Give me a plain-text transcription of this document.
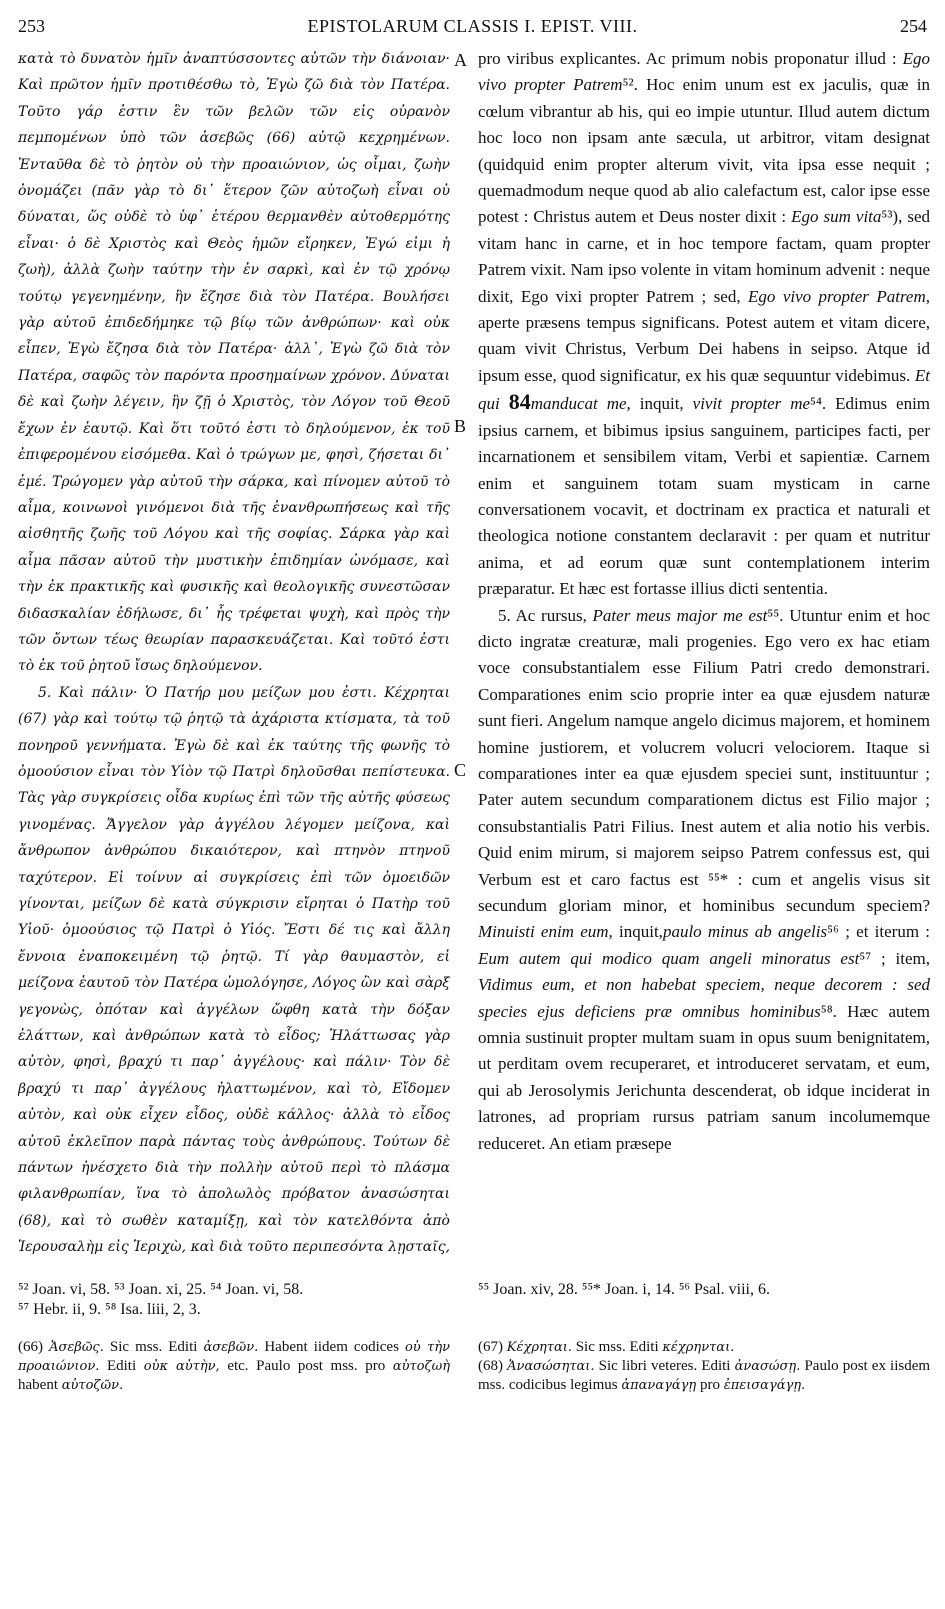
253	EPISTOLARUM CLASSIS I. EPIST. VIII.	254

κατὰ τὸ δυνατὸν ἡμῖν ἀναπτύσσοντες αὐτῶν τὴν διάνοιαν· Καὶ πρῶτον ἡμῖν προτιθέσθω τὸ, Ἐγὼ ζῶ διὰ τὸν Πατέρα. Τοῦτο γάρ ἐστιν ἓν τῶν βελῶν τῶν εἰς οὐρανὸν πεμπομένων ὑπὸ τῶν ἀσεβῶς (66) αὐτῷ κεχρημένων. Ἐνταῦθα δὲ τὸ ῥητὸν οὐ τὴν προαιώνιον, ὡς οἶμαι, ζωὴν ὀνομάζει (πᾶν γὰρ τὸ δι᾿ ἕτερον ζῶν αὐτοζωὴ εἶναι οὐ δύναται, ὥς οὐδὲ τὸ ὑφ᾿ ἑτέρου θερμανθὲν αὐτοθερμότης εἶναι· ὁ δὲ Χριστὸς καὶ Θεὸς ἡμῶν εἴρηκεν, Ἐγώ εἰμι ἡ ζωὴ), ἀλλὰ ζωὴν ταύτην τὴν ἐν σαρκὶ, καὶ ἐν τῷ χρόνῳ τούτῳ γεγενημένην, ἣν ἔζησε διὰ τὸν Πατέρα. Βουλήσει γὰρ αὐτοῦ ἐπιδεδήμηκε τῷ βίῳ τῶν ἀνθρώπων· καὶ οὐκ εἶπεν, Ἐγὼ ἔζησα διὰ τὸν Πατέρα· ἀλλ᾿, Ἐγὼ ζῶ διὰ τὸν Πατέρα, σαφῶς τὸν παρόντα προσημαίνων χρόνον. Δύναται δὲ καὶ ζωὴν λέγειν, ἣν ζῇ ὁ Χριστὸς, τὸν Λόγον τοῦ Θεοῦ ἔχων ἐν ἑαυτῷ. Καὶ ὅτι τοῦτό ἐστι τὸ δηλούμενον, ἐκ τοῦ ἐπιφερομένου εἰσόμεθα. Καὶ ὁ τρώγων με, φησὶ, ζήσεται δι᾿ ἐμέ. Τρώγομεν γὰρ αὐτοῦ τὴν σάρκα, καὶ πίνομεν αὐτοῦ τὸ αἷμα, κοινωνοὶ γινόμενοι διὰ τῆς ἐνανθρωπήσεως καὶ τῆς αἰσθητῆς ζωῆς τοῦ Λόγου καὶ τῆς σοφίας. Σάρκα γὰρ καὶ αἷμα πᾶσαν αὐτοῦ τὴν μυστικὴν ἐπιδημίαν ὠνόμασε, καὶ τὴν ἐκ πρακτικῆς καὶ φυσικῆς καὶ θεολογικῆς συνεστῶσαν διδασκαλίαν ἐδήλωσε, δι᾿ ἧς τρέφεται ψυχὴ, καὶ πρὸς τὴν τῶν ὄντων τέως θεωρίαν παρασκευάζεται. Καὶ τοῦτό ἐστι τὸ ἐκ τοῦ ῥητοῦ ἴσως δηλούμενον.

5. Καὶ πάλιν· Ὁ Πατήρ μου μείζων μου ἐστι. Κέχρηται (67) γὰρ καὶ τούτῳ τῷ ῥητῷ τὰ ἀχάριστα κτίσματα, τὰ τοῦ πονηροῦ γεννήματα. Ἐγὼ δὲ καὶ ἐκ ταύτης τῆς φωνῆς τὸ ὁμοούσιον εἶναι τὸν Υἱὸν τῷ Πατρὶ δηλοῦσθαι πεπίστευκα. Τὰς γὰρ συγκρίσεις οἶδα κυρίως ἐπὶ τῶν τῆς αὐτῆς φύσεως γινομένας. Ἄγγελον γὰρ ἀγγέλου λέγομεν μείζονα, καὶ ἄνθρωπον ἀνθρώπου δικαιότερον, καὶ πτηνὸν πτηνοῦ ταχύτερον. Εἰ τοίνυν αἱ συγκρίσεις ἐπὶ τῶν ὁμοειδῶν γίνονται, μείζων δὲ κατὰ σύγκρισιν εἴρηται ὁ Πατὴρ τοῦ Υἱοῦ· ὁμοούσιος τῷ Πατρὶ ὁ Υἱός. Ἔστι δέ τις καὶ ἄλλη ἔννοια ἐναποκειμένη τῷ ῥητῷ. Τί γὰρ θαυμαστὸν, εἰ μείζονα ἑαυτοῦ τὸν Πατέρα ὡμολόγησε, Λόγος ὢν καὶ σὰρξ γεγονὼς, ὁπόταν καὶ ἀγγέλων ὤφθη κατὰ τὴν δόξαν ἐλάττων, καὶ ἀνθρώπων κατὰ τὸ εἶδος; Ἠλάττωσας γὰρ αὐτὸν, φησὶ, βραχύ τι παρ᾿ ἀγγέλους· καὶ πάλιν· Τὸν δὲ βραχύ τι παρ᾿ ἀγγέλους ἠλαττωμένον, καὶ τὸ, Εἴδομεν αὐτὸν, καὶ οὐκ εἶχεν εἶδος, οὐδὲ κάλλος· ἀλλὰ τὸ εἶδος αὐτοῦ ἐκλεῖπον παρὰ πάντας τοὺς ἀνθρώπους. Τούτων δὲ πάντων ἠνέσχετο διὰ τὴν πολλὴν αὐτοῦ περὶ τὸ πλάσμα φιλανθρωπίαν, ἵνα τὸ ἀπολωλὸς πρόβατον ἀνασώσηται (68), καὶ τὸ σωθὲν καταμίξῃ, καὶ τὸν κατελθόντα ἀπὸ Ἱερουσαλὴμ εἰς Ἱεριχὼ, καὶ διὰ τοῦτο περιπεσόντα λῃσταῖς,

A
B
C

pro viribus explicantes. Ac primum nobis proponatur illud : Ego vivo propter Patrem⁵². Hoc enim unum est ex jaculis, quæ in cœlum vibrantur ab his, qui eo impie utuntur. Illud autem dictum hoc loco non ipsam ante sæcula, ut arbitror, vitam designat (quidquid enim propter alterum vivit, vita ipsa esse nequit ; quemadmodum neque quod ab alio calefactum est, calor ipse esse potest : Christus autem et Deus noster dixit : Ego sum vita⁵³), sed vitam hanc in carne, et in hoc tempore factam, quam propter Patrem vixit. Nam ipso volente in vitam hominum advenit : neque dixit, Ego vixi propter Patrem ; sed, Ego vivo propter Patrem, aperte præsens tempus significans. Potest autem et vitam dicere, quam vivit Christus, Verbum Dei habens in seipso. Atque id ipsum esse, quod significatur, ex his quæ sequuntur videbimus. Et qui 84manducat me, inquit, vivit propter me⁵⁴. Edimus enim ipsius carnem, et bibimus ipsius sanguinem, participes facti, per incarnationem et sensibilem vitam, Verbi et sapientiæ. Carnem enim et sanguinem totam suam mysticam in carne conversationem vocavit, et doctrinam ex practica et naturali et theologica notione constantem declaravit : per quam et nutritur anima, et ad eorum quæ sunt contemplationem interim præparatur. Et hæc est fortasse illius dicti sententia.

5. Ac rursus, Pater meus major me est⁵⁵. Utuntur enim et hoc dicto ingratæ creaturæ, mali progenies. Ego vero ex hac etiam voce consubstantialem esse Filium Patri credo demonstrari. Comparationes enim scio proprie inter ea quæ ejusdem naturæ sunt fieri. Angelum namque angelo dicimus majorem, et hominem homine justiorem, et volucrem volucri velociorem. Itaque si comparationes inter ea quæ ejusdem speciei sunt, instituuntur ; Pater autem secundum comparationem dictus est Filio major ; consubstantialis Patri Filius. Inest autem et alia notio his verbis. Quid enim mirum, si majorem seipso Patrem confessus est, qui Verbum est et caro factus est ⁵⁵* : cum et angelis visus sit secundum gloriam minor, et hominibus secundum speciem?Minuisti enim eum, inquit,paulo minus ab angelis⁵⁶ ; et iterum : Eum autem qui modico quam angeli minoratus est⁵⁷ ; item, Vidimus eum, et non habebat speciem, neque decorem : sed species ejus deficiens præ omnibus hominibus⁵⁸. Hæc autem omnia sustinuit propter multam suam in opus suum benignitatem, ut perditam ovem recuperaret, et introduceret servatam, et eum, qui ab Jerosolymis Jerichunta descenderat, ob idque inciderat in latrones, ad propriam rursus patriam sanum incolumemque reduceret. An etiam præsepe

⁵² Joan. vi, 58. ⁵³ Joan. xi, 25. ⁵⁴ Joan. vi, 58.

⁵⁷ Hebr. ii, 9. ⁵⁸ Isa. liii, 2, 3.

⁵⁵ Joan. xiv, 28. ⁵⁵* Joan. i, 14. ⁵⁶ Psal. viii, 6.

(66) Ἀσεβῶς. Sic mss. Editi ἀσεβῶν. Habent iidem codices οὐ τὴν προαιώνιον. Editi οὐκ αὐτὴν, etc. Paulo post mss. pro αὐτοζωὴ habent αὐτοζῶν.

(67) Κέχρηται. Sic mss. Editi κέχρηνται.

(68) Ἀνασώσηται. Sic libri veteres. Editi ἀνασώσῃ. Paulo post ex iisdem mss. codicibus legimus ἀπαναγάγῃ pro ἐπεισαγάγῃ.
